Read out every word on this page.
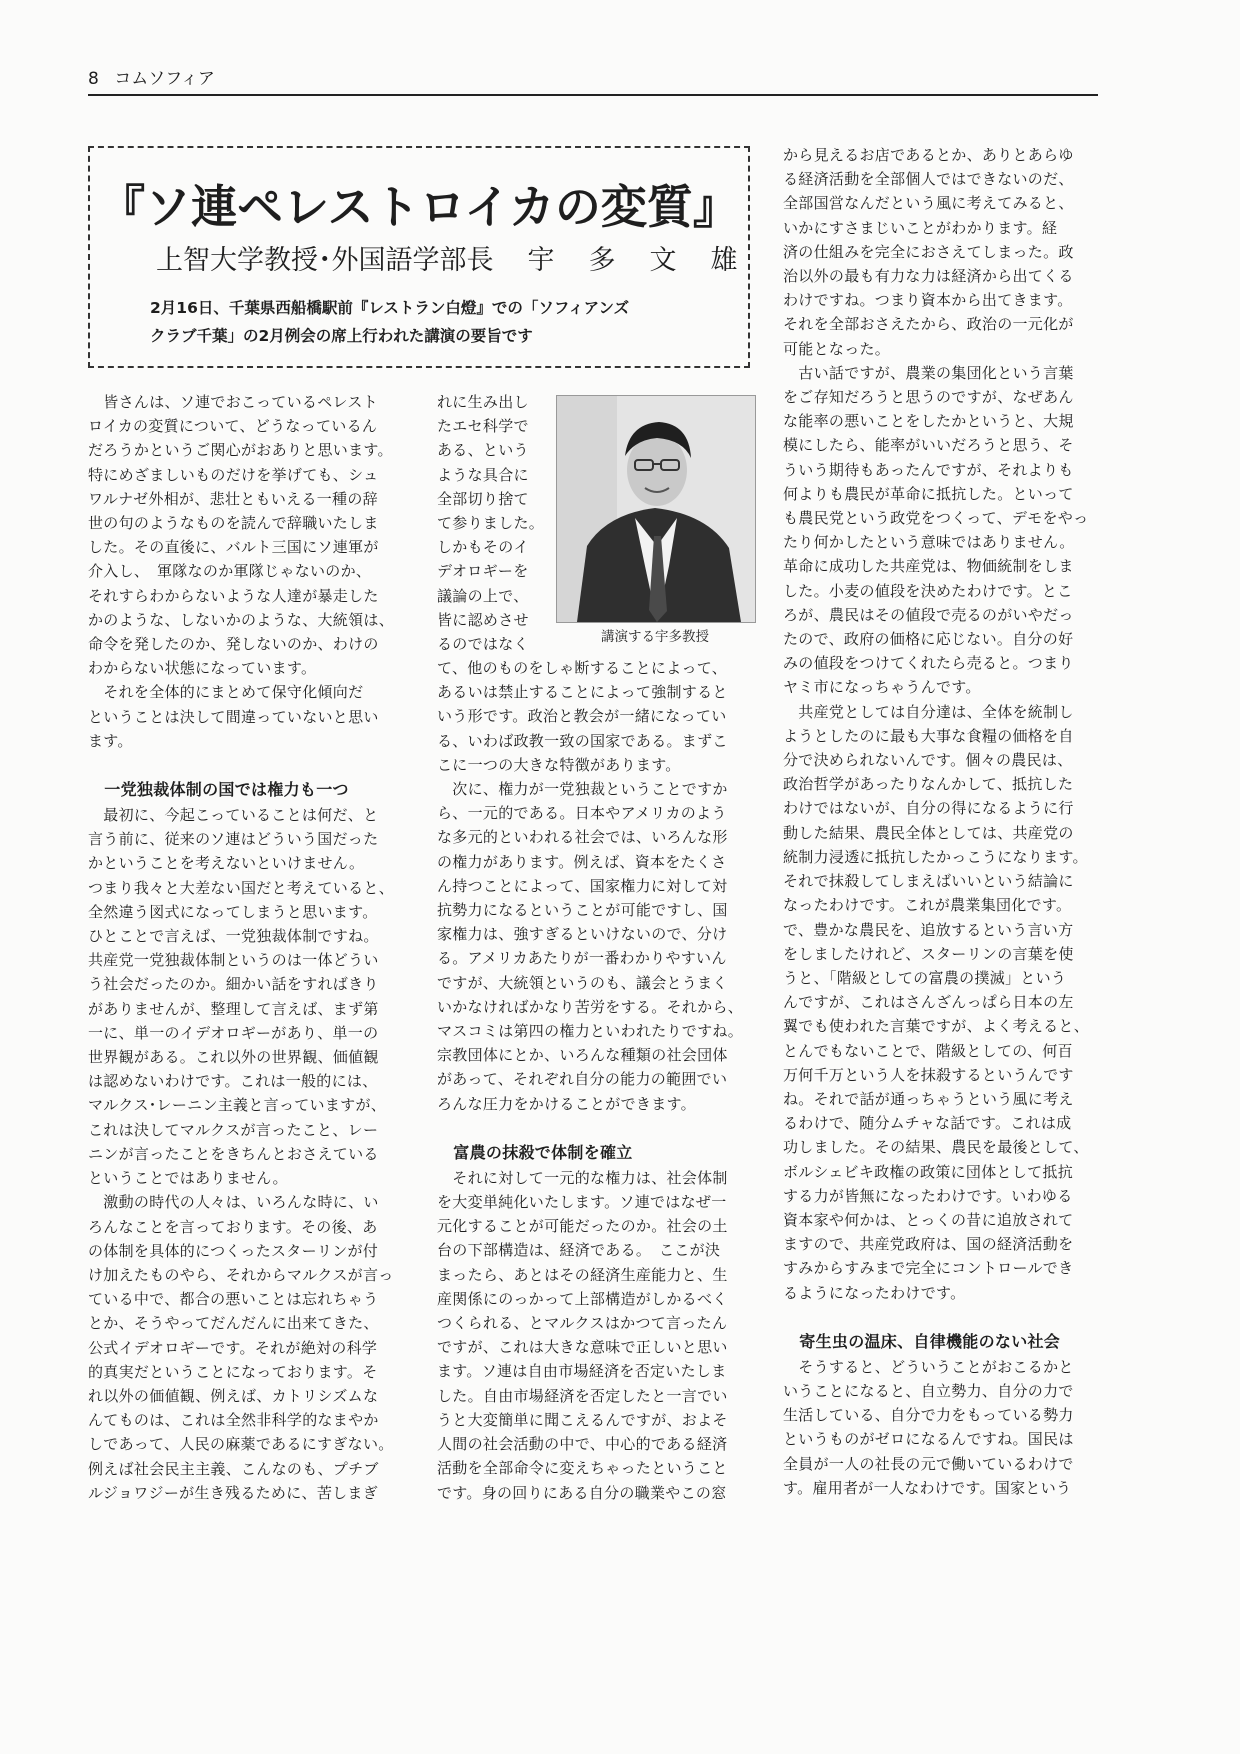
8 コムソフィア
『ソ連ペレストロイカの変質』
上智大学教授･外国語学部長 宇多文雄

2月16日、千葉県西船橋駅前『レストラン白燈』での「ソフィアンズ

クラブ千葉」の2月例会の席上行われた講演の要旨です

　皆さんは、ソ連でおこっているペレスト

ロイカの変質について、どうなっているん

だろうかというご関心がおありと思います。

特にめざましいものだけを挙げても、シュ

ワルナゼ外相が、悲壮ともいえる一種の辞

世の句のようなものを読んで辞職いたしま

した。その直後に、バルト三国にソ連軍が

介入し、　軍隊なのか軍隊じゃないのか、

それすらわからないような人達が暴走した

かのような、しないかのような、大統領は、

命令を発したのか、発しないのか、わけの

わからない状態になっています。

　それを全体的にまとめて保守化傾向だ

ということは決して間違っていないと思い

ます。

　一党独裁体制の国では権力も一つ

　最初に、今起こっていることは何だ、と

言う前に、従来のソ連はどういう国だった

かということを考えないといけません。

つまり我々と大差ない国だと考えていると、

全然違う図式になってしまうと思います。

ひとことで言えば、一党独裁体制ですね。

共産党一党独裁体制というのは一体どうい

う社会だったのか。細かい話をすればきり

がありませんが、整理して言えば、まず第

一に、単一のイデオロギーがあり、単一の

世界観がある。これ以外の世界観、価値観

は認めないわけです。これは一般的には、

マルクス･レーニン主義と言っていますが、

これは決してマルクスが言ったこと、レー

ニンが言ったことをきちんとおさえている

ということではありません。

　激動の時代の人々は、いろんな時に、い

ろんなことを言っております。その後、あ

の体制を具体的につくったスターリンが付

け加えたものやら、それからマルクスが言っ

ている中で、都合の悪いことは忘れちゃう

とか、そうやってだんだんに出来てきた、

公式イデオロギーです。それが絶対の科学

的真実だということになっております。そ

れ以外の価値観、例えば、カトリシズムな

んてものは、これは全然非科学的なまやか

しであって、人民の麻薬であるにすぎない。

例えば社会民主主義、こんなのも、プチブ

ルジョワジーが生き残るために、苦しまぎ

れに生み出し

たエセ科学で

ある、という

ような具合に

全部切り捨て

て参りました。

しかもそのイ

デオロギーを

議論の上で、

皆に認めさせ

るのではなく

て、他のものをしゃ断することによって、

あるいは禁止することによって強制すると

いう形です。政治と教会が一緒になってい

る、いわば政教一致の国家である。まずこ

こに一つの大きな特徴があります。

　次に、権力が一党独裁ということですか

ら、一元的である。日本やアメリカのよう

な多元的といわれる社会では、いろんな形

の権力があります。例えば、資本をたくさ

ん持つことによって、国家権力に対して対

抗勢力になるということが可能ですし、国

家権力は、強すぎるといけないので、分け

る。アメリカあたりが一番わかりやすいん

ですが、大統領というのも、議会とうまく

いかなければかなり苦労をする。それから、

マスコミは第四の権力といわれたりですね。

宗教団体にとか、いろんな種類の社会団体

があって、それぞれ自分の能力の範囲でい

ろんな圧力をかけることができます。

　富農の抹殺で体制を確立

　それに対して一元的な権力は、社会体制

を大変単純化いたします。ソ連ではなぜ一

元化することが可能だったのか。社会の土

台の下部構造は、経済である。　ここが決

まったら、あとはその経済生産能力と、生

産関係にのっかって上部構造がしかるべく

つくられる、とマルクスはかつて言ったん

ですが、これは大きな意味で正しいと思い

ます。ソ連は自由市場経済を否定いたしま

した。自由市場経済を否定したと一言でい

うと大変簡単に聞こえるんですが、およそ

人間の社会活動の中で、中心的である経済

活動を全部命令に変えちゃったということ

です。身の回りにある自分の職業やこの窓

から見えるお店であるとか、ありとあらゆ

る経済活動を全部個人ではできないのだ、

全部国営なんだという風に考えてみると、

いかにすさまじいことがわかります。経

済の仕組みを完全におさえてしまった。政

治以外の最も有力な力は経済から出てくる

わけですね。つまり資本から出てきます。

それを全部おさえたから、政治の一元化が

可能となった。

　古い話ですが、農業の集団化という言葉

をご存知だろうと思うのですが、なぜあん

な能率の悪いことをしたかというと、大規

模にしたら、能率がいいだろうと思う、そ

ういう期待もあったんですが、それよりも

何よりも農民が革命に抵抗した。といって

も農民党という政党をつくって、デモをやっ

たり何かしたという意味ではありません。

革命に成功した共産党は、物価統制をしま

した。小麦の値段を決めたわけです。とこ

ろが、農民はその値段で売るのがいやだっ

たので、政府の価格に応じない。自分の好

みの値段をつけてくれたら売ると。つまり

ヤミ市になっちゃうんです。

　共産党としては自分達は、全体を統制し

ようとしたのに最も大事な食糧の価格を自

分で決められないんです。個々の農民は、

政治哲学があったりなんかして、抵抗した

わけではないが、自分の得になるように行

動した結果、農民全体としては、共産党の

統制力浸透に抵抗したかっこうになります。

それで抹殺してしまえばいいという結論に

なったわけです。これが農業集団化です。

で、豊かな農民を、追放するという言い方

をしましたけれど、スターリンの言葉を使

うと、「階級としての富農の撲滅」という

んですが、これはさんざんっぱら日本の左

翼でも使われた言葉ですが、よく考えると、

とんでもないことで、階級としての、何百

万何千万という人を抹殺するというんです

ね。それで話が通っちゃうという風に考え

るわけで、随分ムチャな話です。これは成

功しました。その結果、農民を最後として、

ボルシェビキ政権の政策に団体として抵抗

する力が皆無になったわけです。いわゆる

資本家や何かは、とっくの昔に追放されて

ますので、共産党政府は、国の経済活動を

すみからすみまで完全にコントロールでき

るようになったわけです。

　寄生虫の温床、自律機能のない社会

　そうすると、どういうことがおこるかと

いうことになると、自立勢力、自分の力で

生活している、自分で力をもっている勢力

というものがゼロになるんですね。国民は

全員が一人の社長の元で働いているわけで

す。雇用者が一人なわけです。国家という

講演する宇多教授
